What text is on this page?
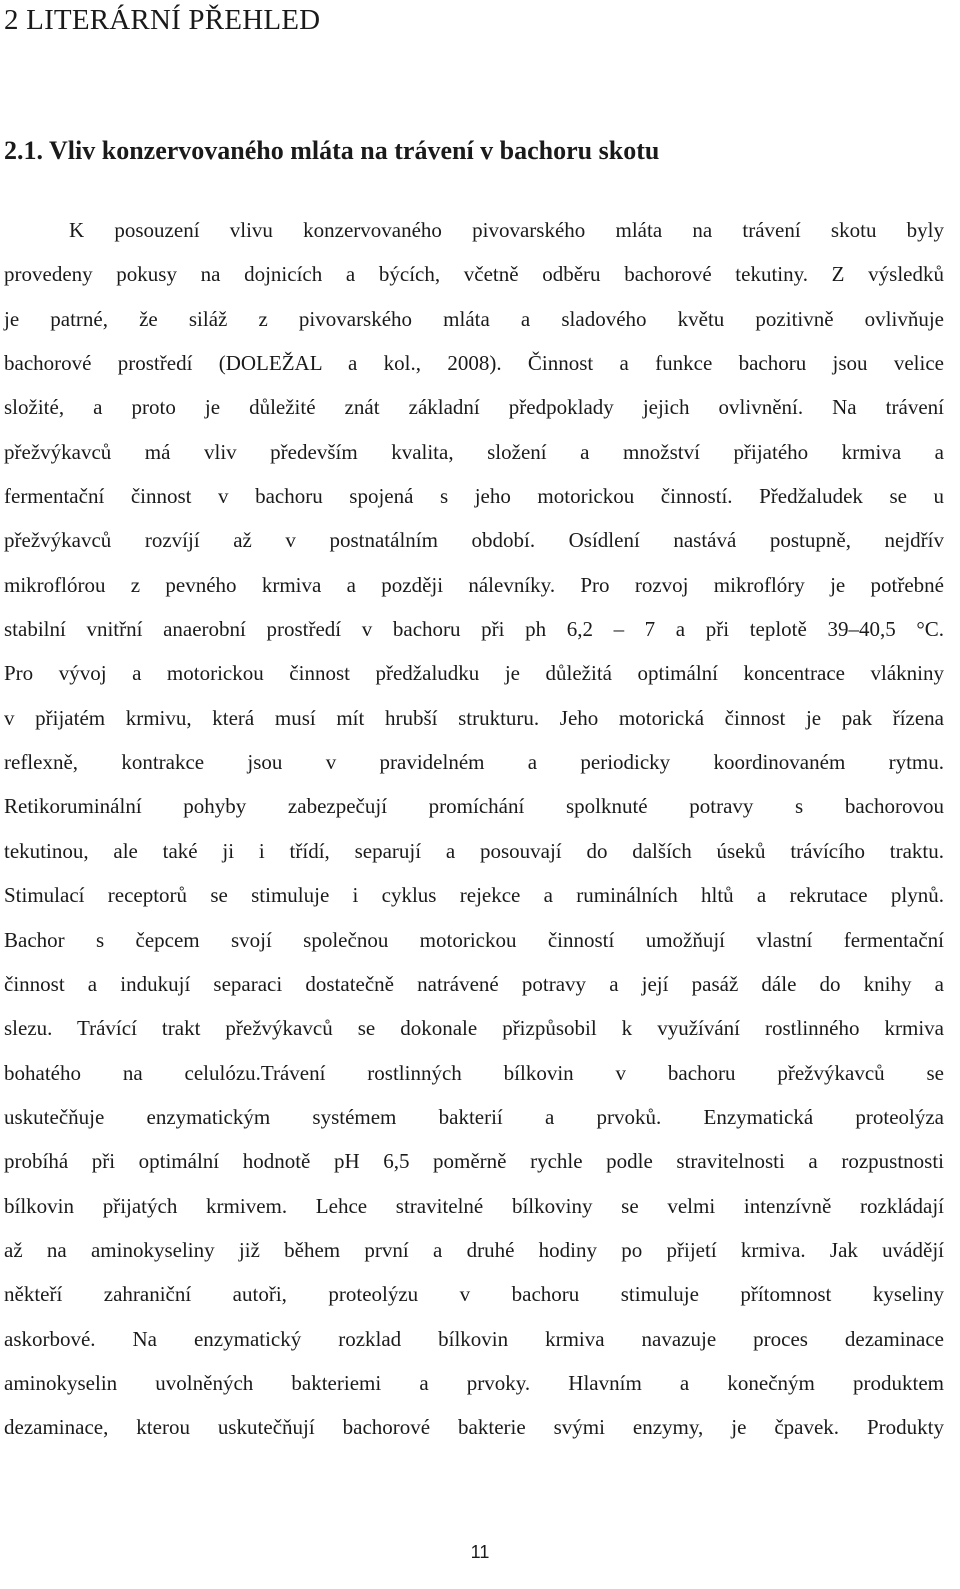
2 LITERÁRNÍ PŘEHLED
2.1. Vliv konzervovaného mláta na trávení v bachoru skotu
K posouzení vlivu konzervovaného pivovarského mláta na trávení skotu byly
provedeny pokusy na dojnicích a býcích, včetně odběru bachorové tekutiny. Z výsledků
je patrné, že siláž z pivovarského mláta a sladového květu pozitivně ovlivňuje
bachorové prostředí (DOLEŽAL a kol., 2008). Činnost a funkce bachoru jsou velice
složité, a proto je důležité znát základní předpoklady jejich ovlivnění. Na trávení
přežvýkavců má vliv především kvalita, složení a množství přijatého krmiva a
fermentační činnost v bachoru spojená s jeho motorickou činností. Předžaludek se u
přežvýkavců rozvíjí až v postnatálním období. Osídlení nastává postupně, nejdřív
mikroflórou z pevného krmiva a později nálevníky. Pro rozvoj mikroflóry je potřebné
stabilní vnitřní anaerobní prostředí v bachoru při ph 6,2 – 7 a při teplotě 39–40,5 °C.
Pro vývoj a motorickou činnost předžaludku je důležitá optimální koncentrace vlákniny
v přijatém krmivu, která musí mít hrubší strukturu. Jeho motorická činnost je pak řízena
reflexně, kontrakce jsou v pravidelném a periodicky koordinovaném rytmu.
Retikoruminální pohyby zabezpečují promíchání spolknuté potravy s bachorovou
tekutinou, ale také ji i třídí, separují a posouvají do dalších úseků trávícího traktu.
Stimulací receptorů se stimuluje i cyklus rejekce a ruminálních hltů a rekrutace plynů.
Bachor s čepcem svojí společnou motorickou činností umožňují vlastní fermentační
činnost a indukují separaci dostatečně natrávené potravy a její pasáž dále do knihy a
slezu. Trávící trakt přežvýkavců se dokonale přizpůsobil k využívání rostlinného krmiva
bohatého na celulózu.Trávení rostlinných bílkovin v bachoru přežvýkavců se
uskutečňuje enzymatickým systémem bakterií a prvoků. Enzymatická proteolýza
probíhá při optimální hodnotě pH 6,5 poměrně rychle podle stravitelnosti a rozpustnosti
bílkovin přijatých krmivem. Lehce stravitelné bílkoviny se velmi intenzívně rozkládají
až na aminokyseliny již během první a druhé hodiny po přijetí krmiva. Jak uvádějí
někteří zahraniční autoři, proteolýzu v bachoru stimuluje přítomnost kyseliny
askorbové. Na enzymatický rozklad bílkovin krmiva navazuje proces dezaminace
aminokyselin uvolněných bakteriemi a prvoky. Hlavním a konečným produktem
dezaminace, kterou uskutečňují bachorové bakterie svými enzymy, je čpavek. Produkty
11
